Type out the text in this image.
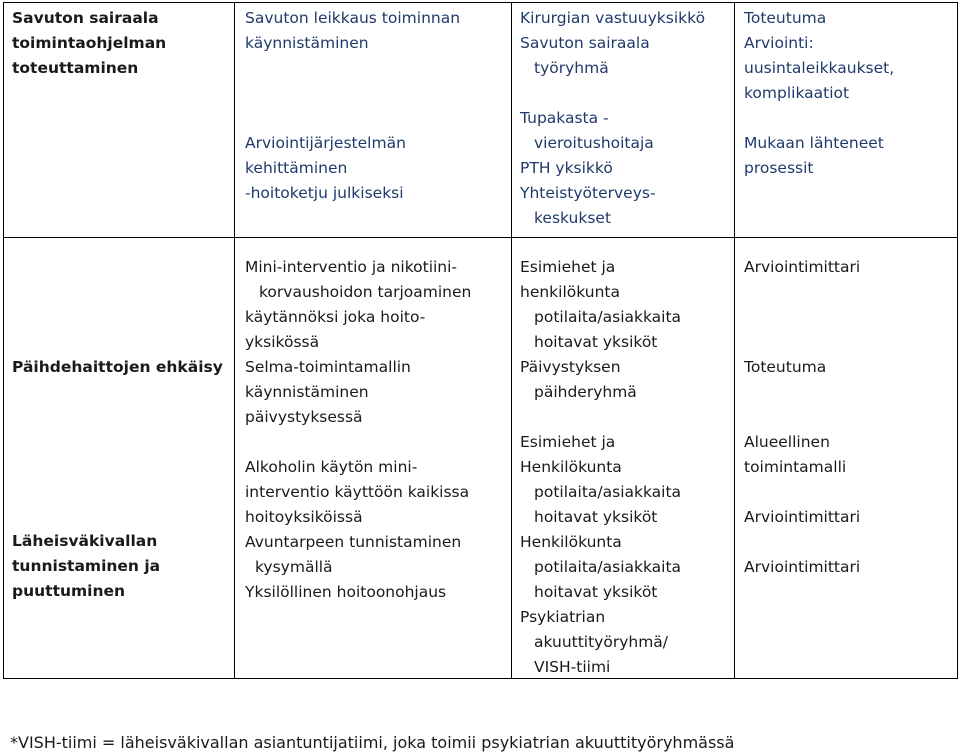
Savuton sairaala
toimintaohjelman
toteuttaminen
Savuton leikkaus toiminnan
käynnistäminen
Arviointijärjestelmän
kehittäminen
-hoitoketju julkiseksi
Kirurgian vastuuyksikkö
Savuton sairaala
työryhmä
Tupakasta -
vieroitushoitaja
PTH yksikkö
Yhteistyöterveys-
keskukset
Toteutuma
Arviointi:
uusintaleikkaukset,
komplikaatiot
Mukaan lähteneet
prosessit
Päihdehaittojen ehkäisy
Läheisväkivallan
tunnistaminen ja
puuttuminen
Mini-interventio ja nikotiini-
korvaushoidon tarjoaminen
käytännöksi joka hoito-
yksikössä
Selma-toimintamallin
käynnistäminen
päivystyksessä
Alkoholin käytön mini-
interventio käyttöön kaikissa
hoitoyksiköissä
Avuntarpeen tunnistaminen
kysymällä
Yksilöllinen hoitoonohjaus
Esimiehet ja
henkilökunta
potilaita/asiakkaita
hoitavat yksiköt
Päivystyksen
päihderyhmä
Esimiehet ja
Henkilökunta
potilaita/asiakkaita
hoitavat yksiköt
Henkilökunta
potilaita/asiakkaita
hoitavat yksiköt
Psykiatrian
akuuttityöryhmä/
VISH-tiimi
Arviointimittari
Toteutuma
Alueellinen
toimintamalli
Arviointimittari
Arviointimittari
*VISH-tiimi = läheisväkivallan asiantuntijatiimi, joka toimii psykiatrian akuuttityöryhmässä
